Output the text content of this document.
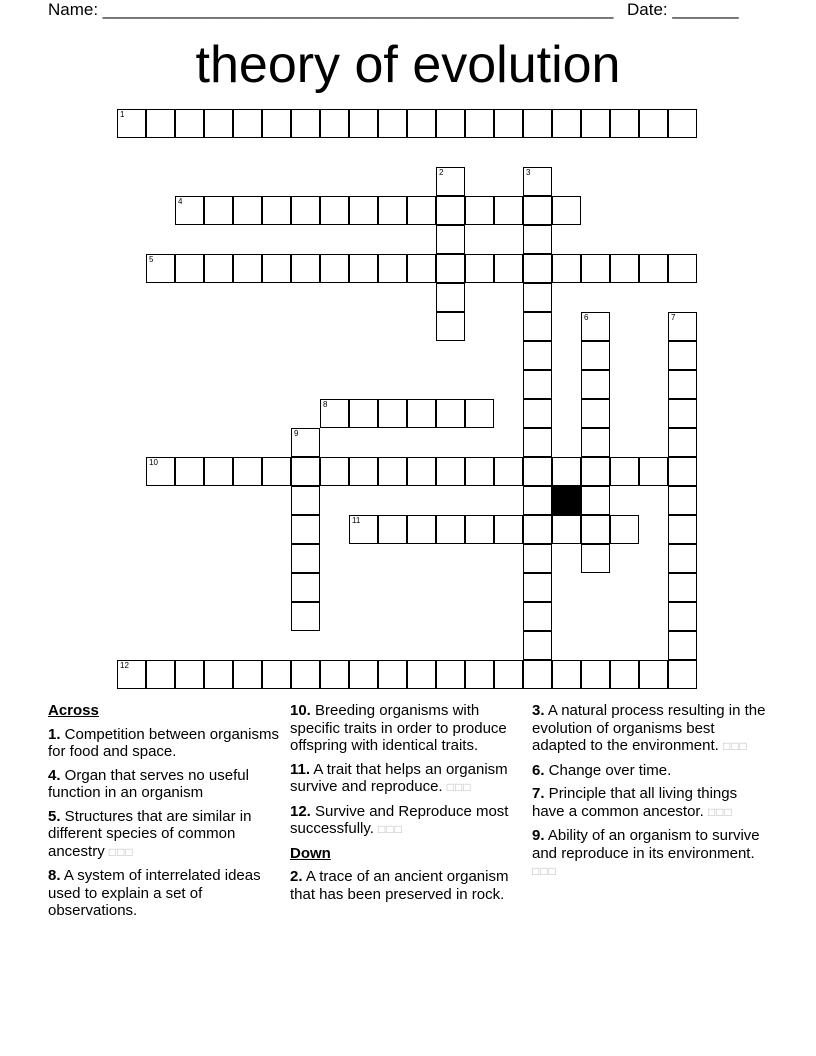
Name: ______________________________________________________ Date: _______
theory of evolution
1
4
5
8
10
11
12
2	3
6	7
9
Across
1. Competition between organisms for food and space.
4. Organ that serves no useful function in an organism
5. Structures that are similar in different species of common ancestry □□□
8. A system of interrelated ideas used to explain a set of observations.
10. Breeding organisms with specific traits in order to produce offspring with identical traits.
11. A trait that helps an organism survive and reproduce. □□□
12. Survive and Reproduce most successfully. □□□
Down
2. A trace of an ancient organism that has been preserved in rock.
3. A natural process resulting in the evolution of organisms best adapted to the environment. □□□
6. Change over time.
7. Principle that all living things have a common ancestor. □□□
9. Ability of an organism to survive and reproduce in its environment. □□□
